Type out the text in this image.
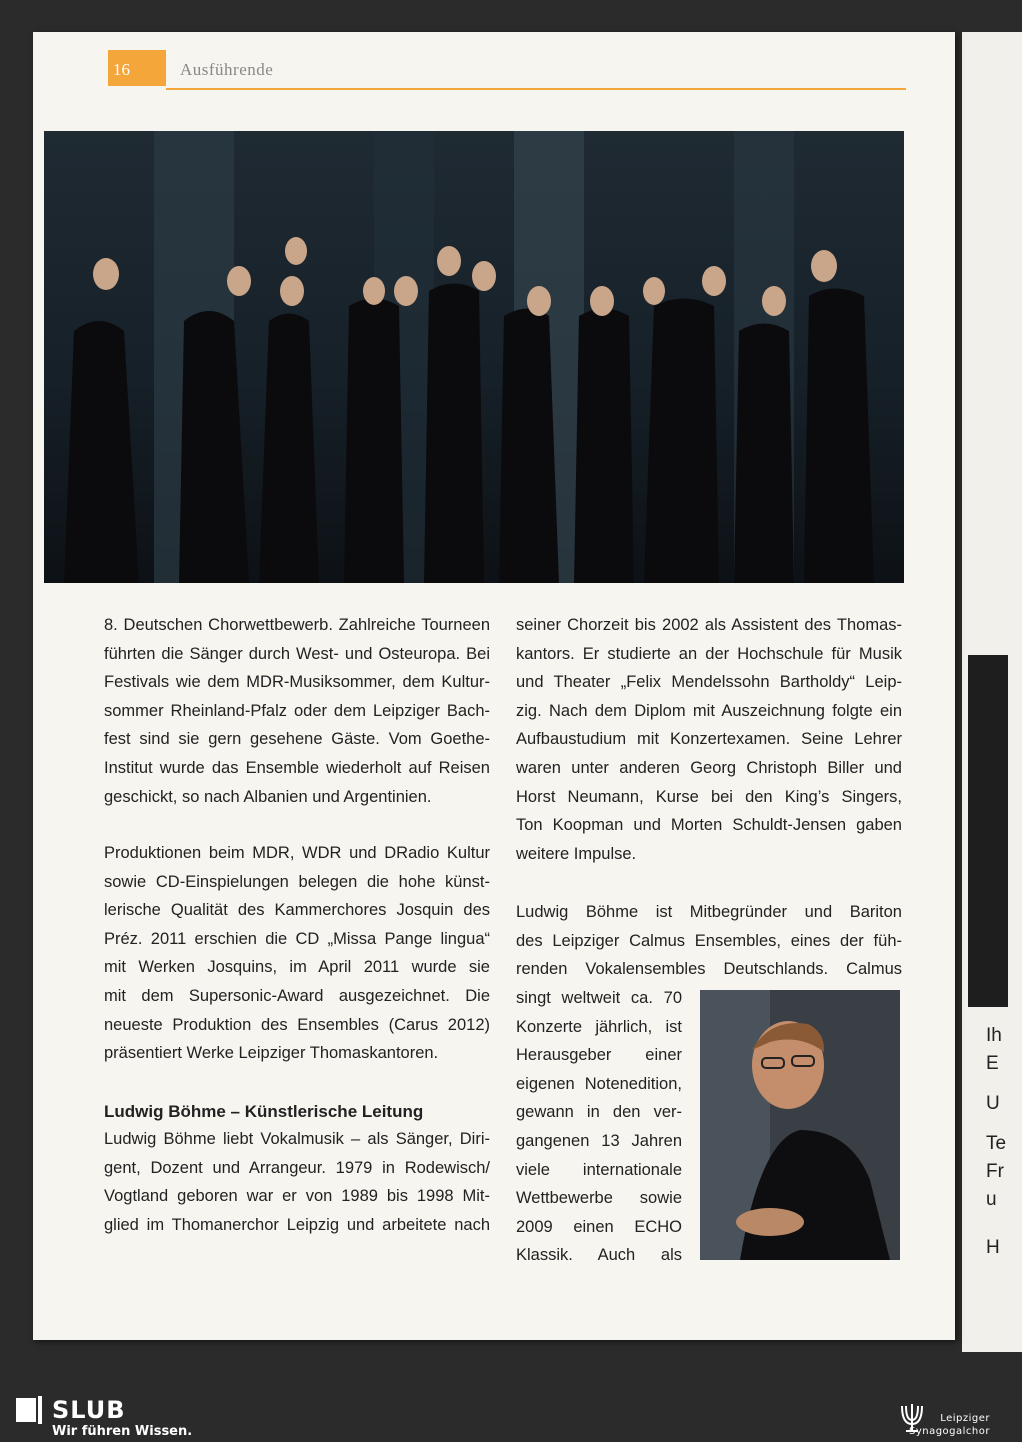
Ih
E
U
Te
Fr
u
H
16	Ausführende
8. Deutschen Chorwettbewerb. Zahlreiche Tourneen
führten die Sänger durch West- und Osteuropa. Bei
Festivals wie dem MDR-Musiksommer, dem Kultur-
sommer Rheinland-Pfalz oder dem Leipziger Bach-
fest sind sie gern gesehene Gäste. Vom Goethe-
Institut wurde das Ensemble wiederholt auf Reisen
geschickt, so nach Albanien und Argentinien.
Produktionen beim MDR, WDR und DRadio Kultur
sowie CD-Einspielungen belegen die hohe künst-
lerische Qualität des Kammerchores Josquin des
Préz. 2011 erschien die CD „Missa Pange lingua“
mit Werken Josquins, im April 2011 wurde sie
mit dem Supersonic-Award ausgezeichnet. Die
neueste Produktion des Ensembles (Carus 2012)
präsentiert Werke Leipziger Thomaskantoren.
Ludwig Böhme – Künstlerische Leitung
Ludwig Böhme liebt Vokalmusik – als Sänger, Diri-
gent, Dozent und Arrangeur. 1979 in Rodewisch/
Vogtland geboren war er von 1989 bis 1998 Mit-
glied im Thomanerchor Leipzig und arbeitete nach
seiner Chorzeit bis 2002 als Assistent des Thomas-
kantors. Er studierte an der Hochschule für Musik
und Theater „Felix Mendelssohn Bartholdy“ Leip-
zig. Nach dem Diplom mit Auszeichnung folgte ein
Aufbaustudium mit Konzertexamen. Seine Lehrer
waren unter anderen Georg Christoph Biller und
Horst Neumann, Kurse bei den King’s Singers,
Ton Koopman und Morten Schuldt-Jensen gaben
weitere Impulse.
Ludwig Böhme ist Mitbegründer und Bariton
des Leipziger Calmus Ensembles, eines der füh-
renden Vokalensembles Deutschlands. Calmus
singt weltweit ca. 70
Konzerte jährlich, ist
Herausgeber einer
eigenen Notenedition,
gewann in den ver-
gangenen 13 Jahren
viele internationale
Wettbewerbe sowie
2009 einen ECHO
Klassik. Auch als
SLUB
Wir führen Wissen.
Leipziger
Synagogalchor
